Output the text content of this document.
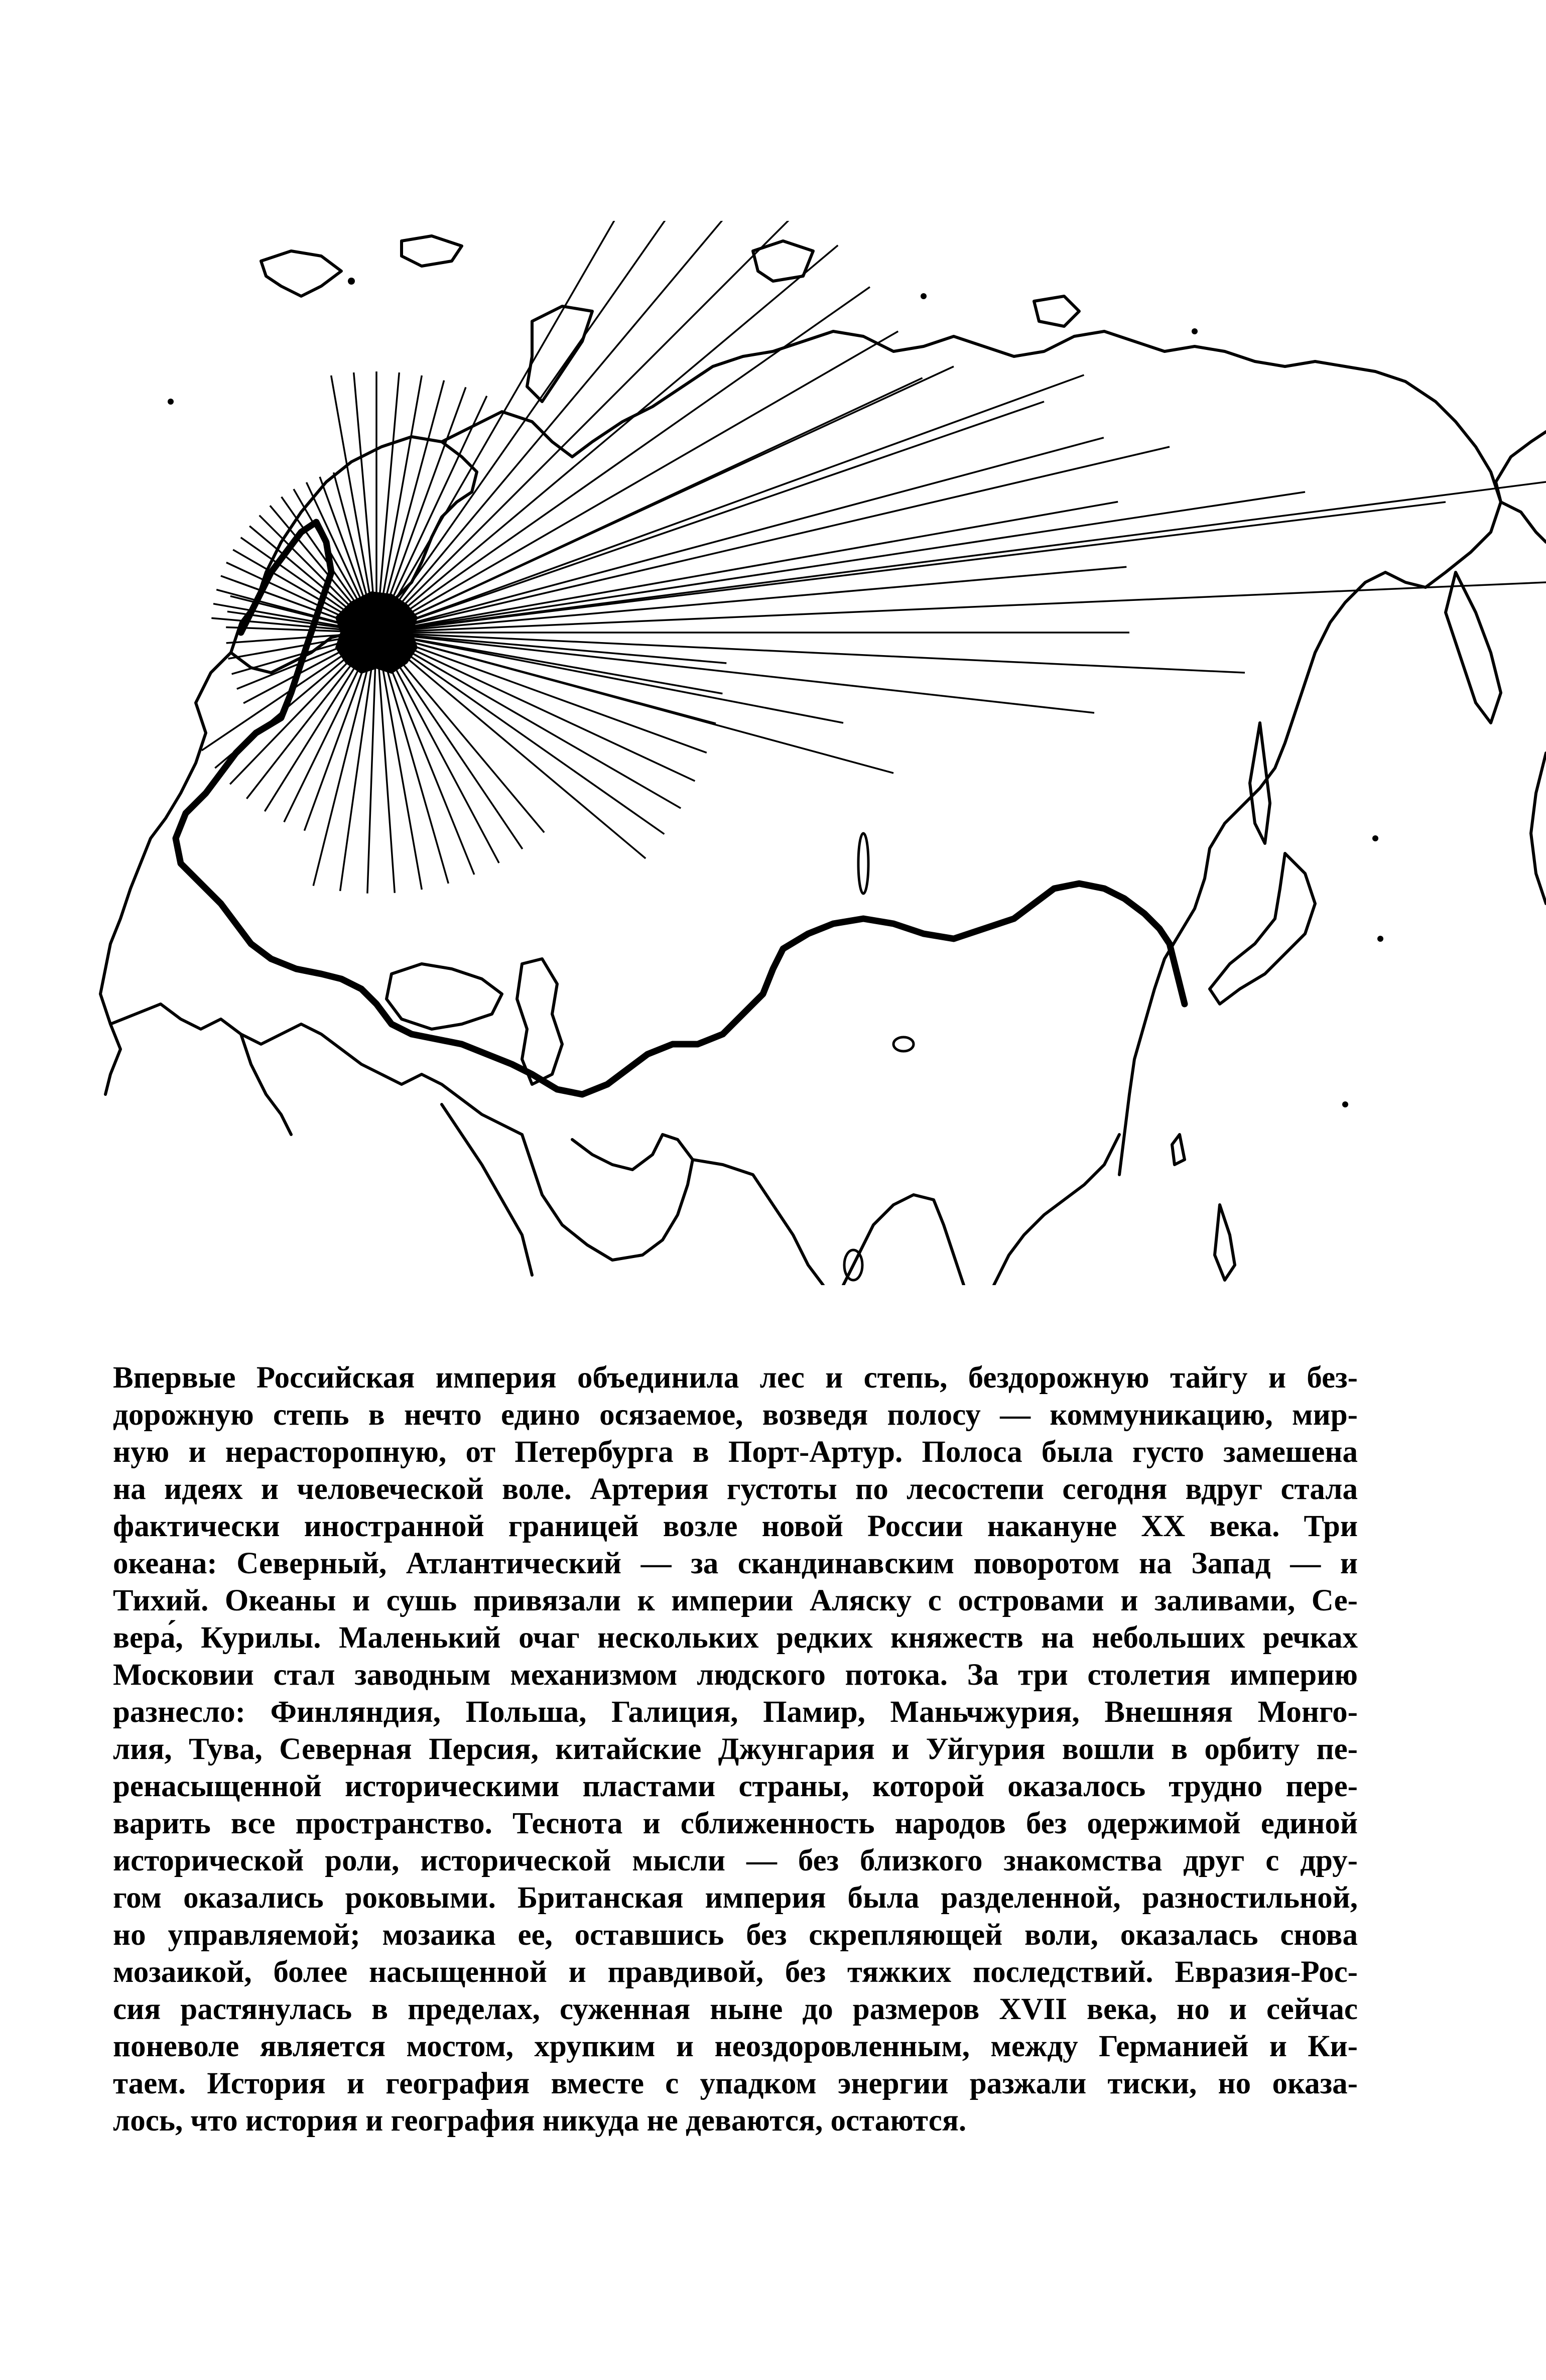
Впервые Российская империя объединила лес и степь, бездорожную тайгу и без-
дорожную степь в нечто едино осязаемое, возведя полосу — коммуникацию, мир-
ную и нерасторопную, от Петербурга в Порт-Артур. Полоса была густо замешена
на идеях и человеческой воле. Артерия густоты по лесостепи сегодня вдруг стала
фактически иностранной границей возле новой России накануне XX века. Три
океана: Северный, Атлантический — за скандинавским поворотом на Запад — и
Тихий. Океаны и сушь привязали к империи Аляску с островами и заливами, Се-
вера́, Курилы. Маленький очаг нескольких редких княжеств на небольших речках
Московии стал заводным механизмом людского потока. За три столетия империю
разнесло: Финляндия, Польша, Галиция, Памир, Маньчжурия, Внешняя Монго-
лия, Тува, Северная Персия, китайские Джунгария и Уйгурия вошли в орбиту пе-
ренасыщенной историческими пластами страны, которой оказалось трудно пере-
варить все пространство. Теснота и сближенность народов без одержимой единой
исторической роли, исторической мысли — без близкого знакомства друг с дру-
гом оказались роковыми. Британская империя была разделенной, разностильной,
но управляемой; мозаика ее, оставшись без скрепляющей воли, оказалась снова
мозаикой, более насыщенной и правдивой, без тяжких последствий. Евразия-Рос-
сия растянулась в пределах, суженная ныне до размеров XVII века, но и сейчас
поневоле является мостом, хрупким и неоздоровленным, между Германией и Ки-
таем. История и география вместе с упадком энергии разжали тиски, но оказа-
лось, что история и география никуда не деваются, остаются.
